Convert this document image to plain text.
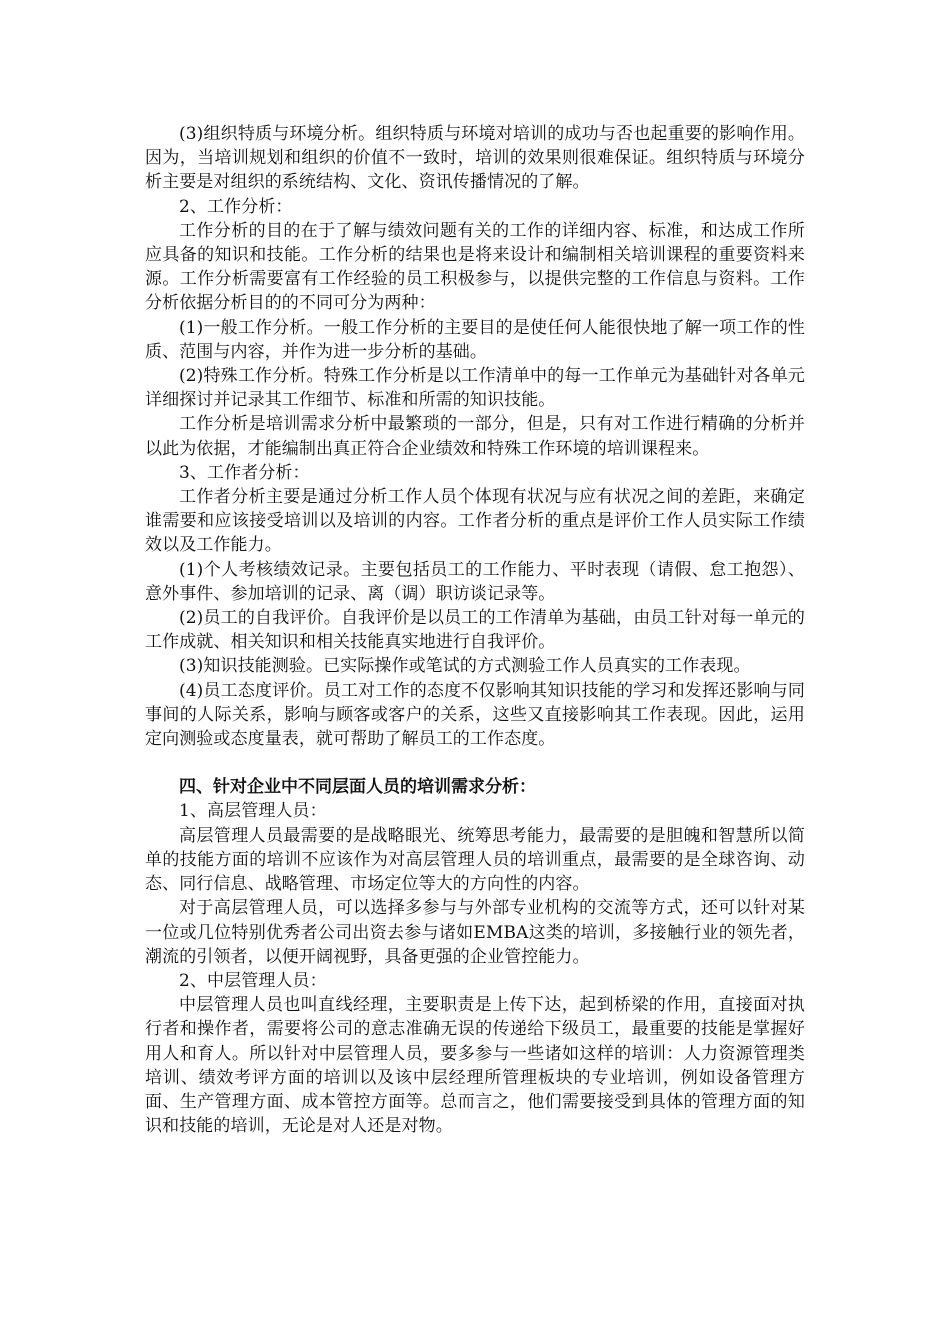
(3)组织特质与环境分析。组织特质与环境对培训的成功与否也起重要的影响作用。因为，当培训规划和组织的价值不一致时，培训的效果则很难保证。组织特质与环境分析主要是对组织的系统结构、文化、资讯传播情况的了解。

2、工作分析：

工作分析的目的在于了解与绩效问题有关的工作的详细内容、标准，和达成工作所应具备的知识和技能。工作分析的结果也是将来设计和编制相关培训课程的重要资料来源。工作分析需要富有工作经验的员工积极参与，以提供完整的工作信息与资料。工作分析依据分析目的的不同可分为两种：

(1)一般工作分析。一般工作分析的主要目的是使任何人能很快地了解一项工作的性质、范围与内容，并作为进一步分析的基础。

(2)特殊工作分析。特殊工作分析是以工作清单中的每一工作单元为基础针对各单元详细探讨并记录其工作细节、标准和所需的知识技能。

工作分析是培训需求分析中最繁琐的一部分，但是，只有对工作进行精确的分析并以此为依据，才能编制出真正符合企业绩效和特殊工作环境的培训课程来。

3、工作者分析：

工作者分析主要是通过分析工作人员个体现有状况与应有状况之间的差距，来确定谁需要和应该接受培训以及培训的内容。工作者分析的重点是评价工作人员实际工作绩效以及工作能力。

(1)个人考核绩效记录。主要包括员工的工作能力、平时表现（请假、怠工抱怨）、意外事件、参加培训的记录、离（调）职访谈记录等。

(2)员工的自我评价。自我评价是以员工的工作清单为基础，由员工针对每一单元的工作成就、相关知识和相关技能真实地进行自我评价。

(3)知识技能测验。已实际操作或笔试的方式测验工作人员真实的工作表现。

(4)员工态度评价。员工对工作的态度不仅影响其知识技能的学习和发挥还影响与同事间的人际关系，影响与顾客或客户的关系，这些又直接影响其工作表现。因此，运用定向测验或态度量表，就可帮助了解员工的工作态度。

四、针对企业中不同层面人员的培训需求分析：

1、高层管理人员：

高层管理人员最需要的是战略眼光、统筹思考能力，最需要的是胆魄和智慧所以简单的技能方面的培训不应该作为对高层管理人员的培训重点，最需要的是全球咨询、动态、同行信息、战略管理、市场定位等大的方向性的内容。

对于高层管理人员，可以选择多参与与外部专业机构的交流等方式，还可以针对某一位或几位特别优秀者公司出资去参与诸如EMBA这类的培训，多接触行业的领先者，潮流的引领者，以便开阔视野，具备更强的企业管控能力。

2、中层管理人员：

中层管理人员也叫直线经理，主要职责是上传下达，起到桥梁的作用，直接面对执行者和操作者，需要将公司的意志准确无误的传递给下级员工，最重要的技能是掌握好用人和育人。所以针对中层管理人员，要多参与一些诸如这样的培训：人力资源管理类培训、绩效考评方面的培训以及该中层经理所管理板块的专业培训，例如设备管理方面、生产管理方面、成本管控方面等。总而言之，他们需要接受到具体的管理方面的知识和技能的培训，无论是对人还是对物。
